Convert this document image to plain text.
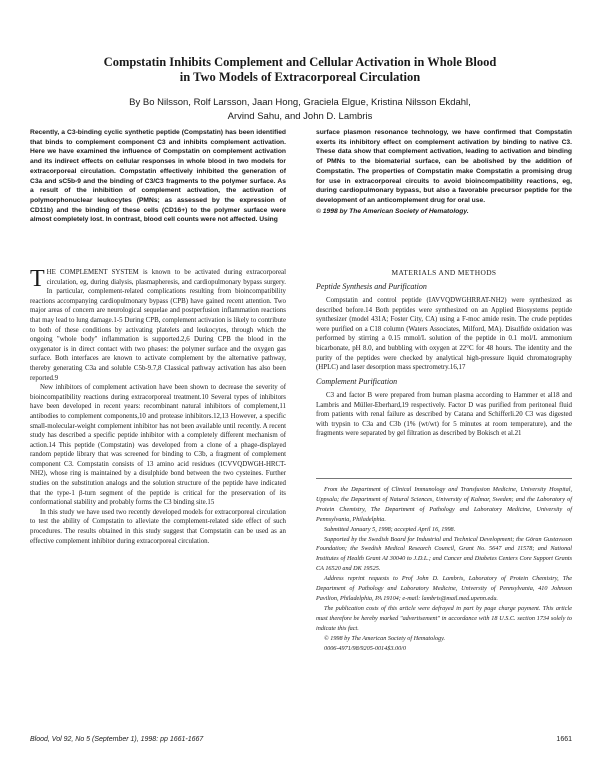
Compstatin Inhibits Complement and Cellular Activation in Whole Blood
in Two Models of Extracorporeal Circulation
By Bo Nilsson, Rolf Larsson, Jaan Hong, Graciela Elgue, Kristina Nilsson Ekdahl,
Arvind Sahu, and John D. Lambris
Recently, a C3-binding cyclic synthetic peptide (Compstatin) has been identified that binds to complement component C3 and inhibits complement activation. Here we have examined the influence of Compstatin on complement activation and its indirect effects on cellular responses in whole blood in two models for extracorporeal circulation. Compstatin effectively inhibited the generation of C3a and sC5b-9 and the binding of C3/C3 fragments to the polymer surface. As a result of the inhibition of complement activation, the activation of polymorphonuclear leukocytes (PMNs; as assessed by the expression of CD11b) and the binding of these cells (CD16+) to the polymer surface were almost completely lost. In contrast, blood cell counts were not affected. Using
surface plasmon resonance technology, we have confirmed that Compstatin exerts its inhibitory effect on complement activation by binding to native C3. These data show that complement activation, leading to activation and binding of PMNs to the biomaterial surface, can be abolished by the addition of Compstatin. The properties of Compstatin make Compstatin a promising drug for use in extracorporeal circuits to avoid bioincompatibility reactions, eg, during cardiopulmonary bypass, but also a favorable precursor peptide for the development of an anticomplement drug for oral use.
© 1998 by The American Society of Hematology.

THE COMPLEMENT SYSTEM is known to be activated during extracorporeal circulation, eg, during dialysis, plasmapheresis, and cardiopulmonary bypass surgery. In particular, complement-related complications resulting from bioincompatibility reactions accompanying cardiopulmonary bypass (CPB) have gained recent attention. Two major areas of concern are neurological sequelae and postperfusion inflammation reactions that may lead to lung damage.1-5 During CPB, complement activation is likely to contribute to both of these conditions by activating platelets and leukocytes, through which the ongoing "whole body" inflammation is supported.2,6 During CPB the blood in the oxygenator is in direct contact with two phases: the polymer surface and the oxygen gas surface. Both interfaces are known to activate complement by the alternative pathway, thereby generating C3a and soluble C5b-9.7,8 Classical pathway activation has also been reported.9

New inhibitors of complement activation have been shown to decrease the severity of bioincompatibility reactions during extracorporeal treatment.10 Several types of inhibitors have been developed in recent years: recombinant natural inhibitors of complement,11 antibodies to complement components,10 and protease inhibitors.12,13 However, a specific small-molecular-weight complement inhibitor has not been available until recently. A recent study has described a specific peptide inhibitor with a completely different mechanism of action.14 This peptide (Compstatin) was developed from a clone of a phage-displayed random peptide library that was screened for binding to C3b, a fragment of complement component C3. Compstatin consists of 13 amino acid residues (ICVVQDWGH-HRCT-NH2), whose ring is maintained by a disulphide bond between the two cysteines. Further studies on the substitution analogs and the solution structure of the peptide have indicated that the type-1 β-turn segment of the peptide is critical for the preservation of its conformational stability and probably forms the C3 binding site.15

In this study we have used two recently developed models for extracorporeal circulation to test the ability of Compstatin to alleviate the complement-related side effect of such procedures. The results obtained in this study suggest that Compstatin can be used as an effective complement inhibitor during extracorporeal circulation.

MATERIALS AND METHODS
Peptide Synthesis and Purification

Compstatin and control peptide (IAVVQDWGHRRAT-NH2) were synthesized as described before.14 Both peptides were synthesized on an Applied Biosystems peptide synthesizer (model 431A; Foster City, CA) using a F-moc amide resin. The crude peptides were purified on a C18 column (Waters Associates, Milford, MA). Disulfide oxidation was performed by stirring a 0.15 mmol/L solution of the peptide in 0.1 mol/L ammonium bicarbonate, pH 8.0, and bubbling with oxygen at 22°C for 48 hours. The identity and the purity of the peptides were checked by analytical high-pressure liquid chromatography (HPLC) and laser desorption mass spectrometry.16,17

Complement Purification

C3 and factor B were prepared from human plasma according to Hammer et al18 and Lambris and Müller-Eberhard,19 respectively. Factor D was purified from peritoneal fluid from patients with renal failure as described by Catana and Schifferli.20 C3 was digested with trypsin to C3a and C3b (1% (wt/wt) for 5 minutes at room temperature), and the fragments were separated by gel filtration as described by Bokisch et al.21

From the Department of Clinical Immunology and Transfusion Medicine, University Hospital, Uppsala; the Department of Natural Sciences, University of Kalmar, Sweden; and the Laboratory of Protein Chemistry, The Department of Pathology and Laboratory Medicine, University of Pennsylvania, Philadelphia.

Submitted January 5, 1998; accepted April 16, 1998.

Supported by the Swedish Board for Industrial and Technical Development; the Göran Gustavsson Foundation; the Swedish Medical Research Council, Grant No. 5647 and 11578; and National Institutes of Health Grant AI 30040 to J.D.L.; and Cancer and Diabetes Centers Core Support Grants CA 16520 and DK 19525.

Address reprint requests to Prof John D. Lambris, Laboratory of Protein Chemistry, The Department of Pathology and Laboratory Medicine, University of Pennsylvania, 410 Johnson Pavilion, Philadelphia, PA 19104; e-mail: lambris@mail.med.upenn.edu.

The publication costs of this article were defrayed in part by page charge payment. This article must therefore be hereby marked "advertisement" in accordance with 18 U.S.C. section 1734 solely to indicate this fact.

© 1998 by The American Society of Hematology.

0006-4971/98/9205-0014$3.00/0

Blood, Vol 92, No 5 (September 1), 1998: pp 1661-1667	1661
